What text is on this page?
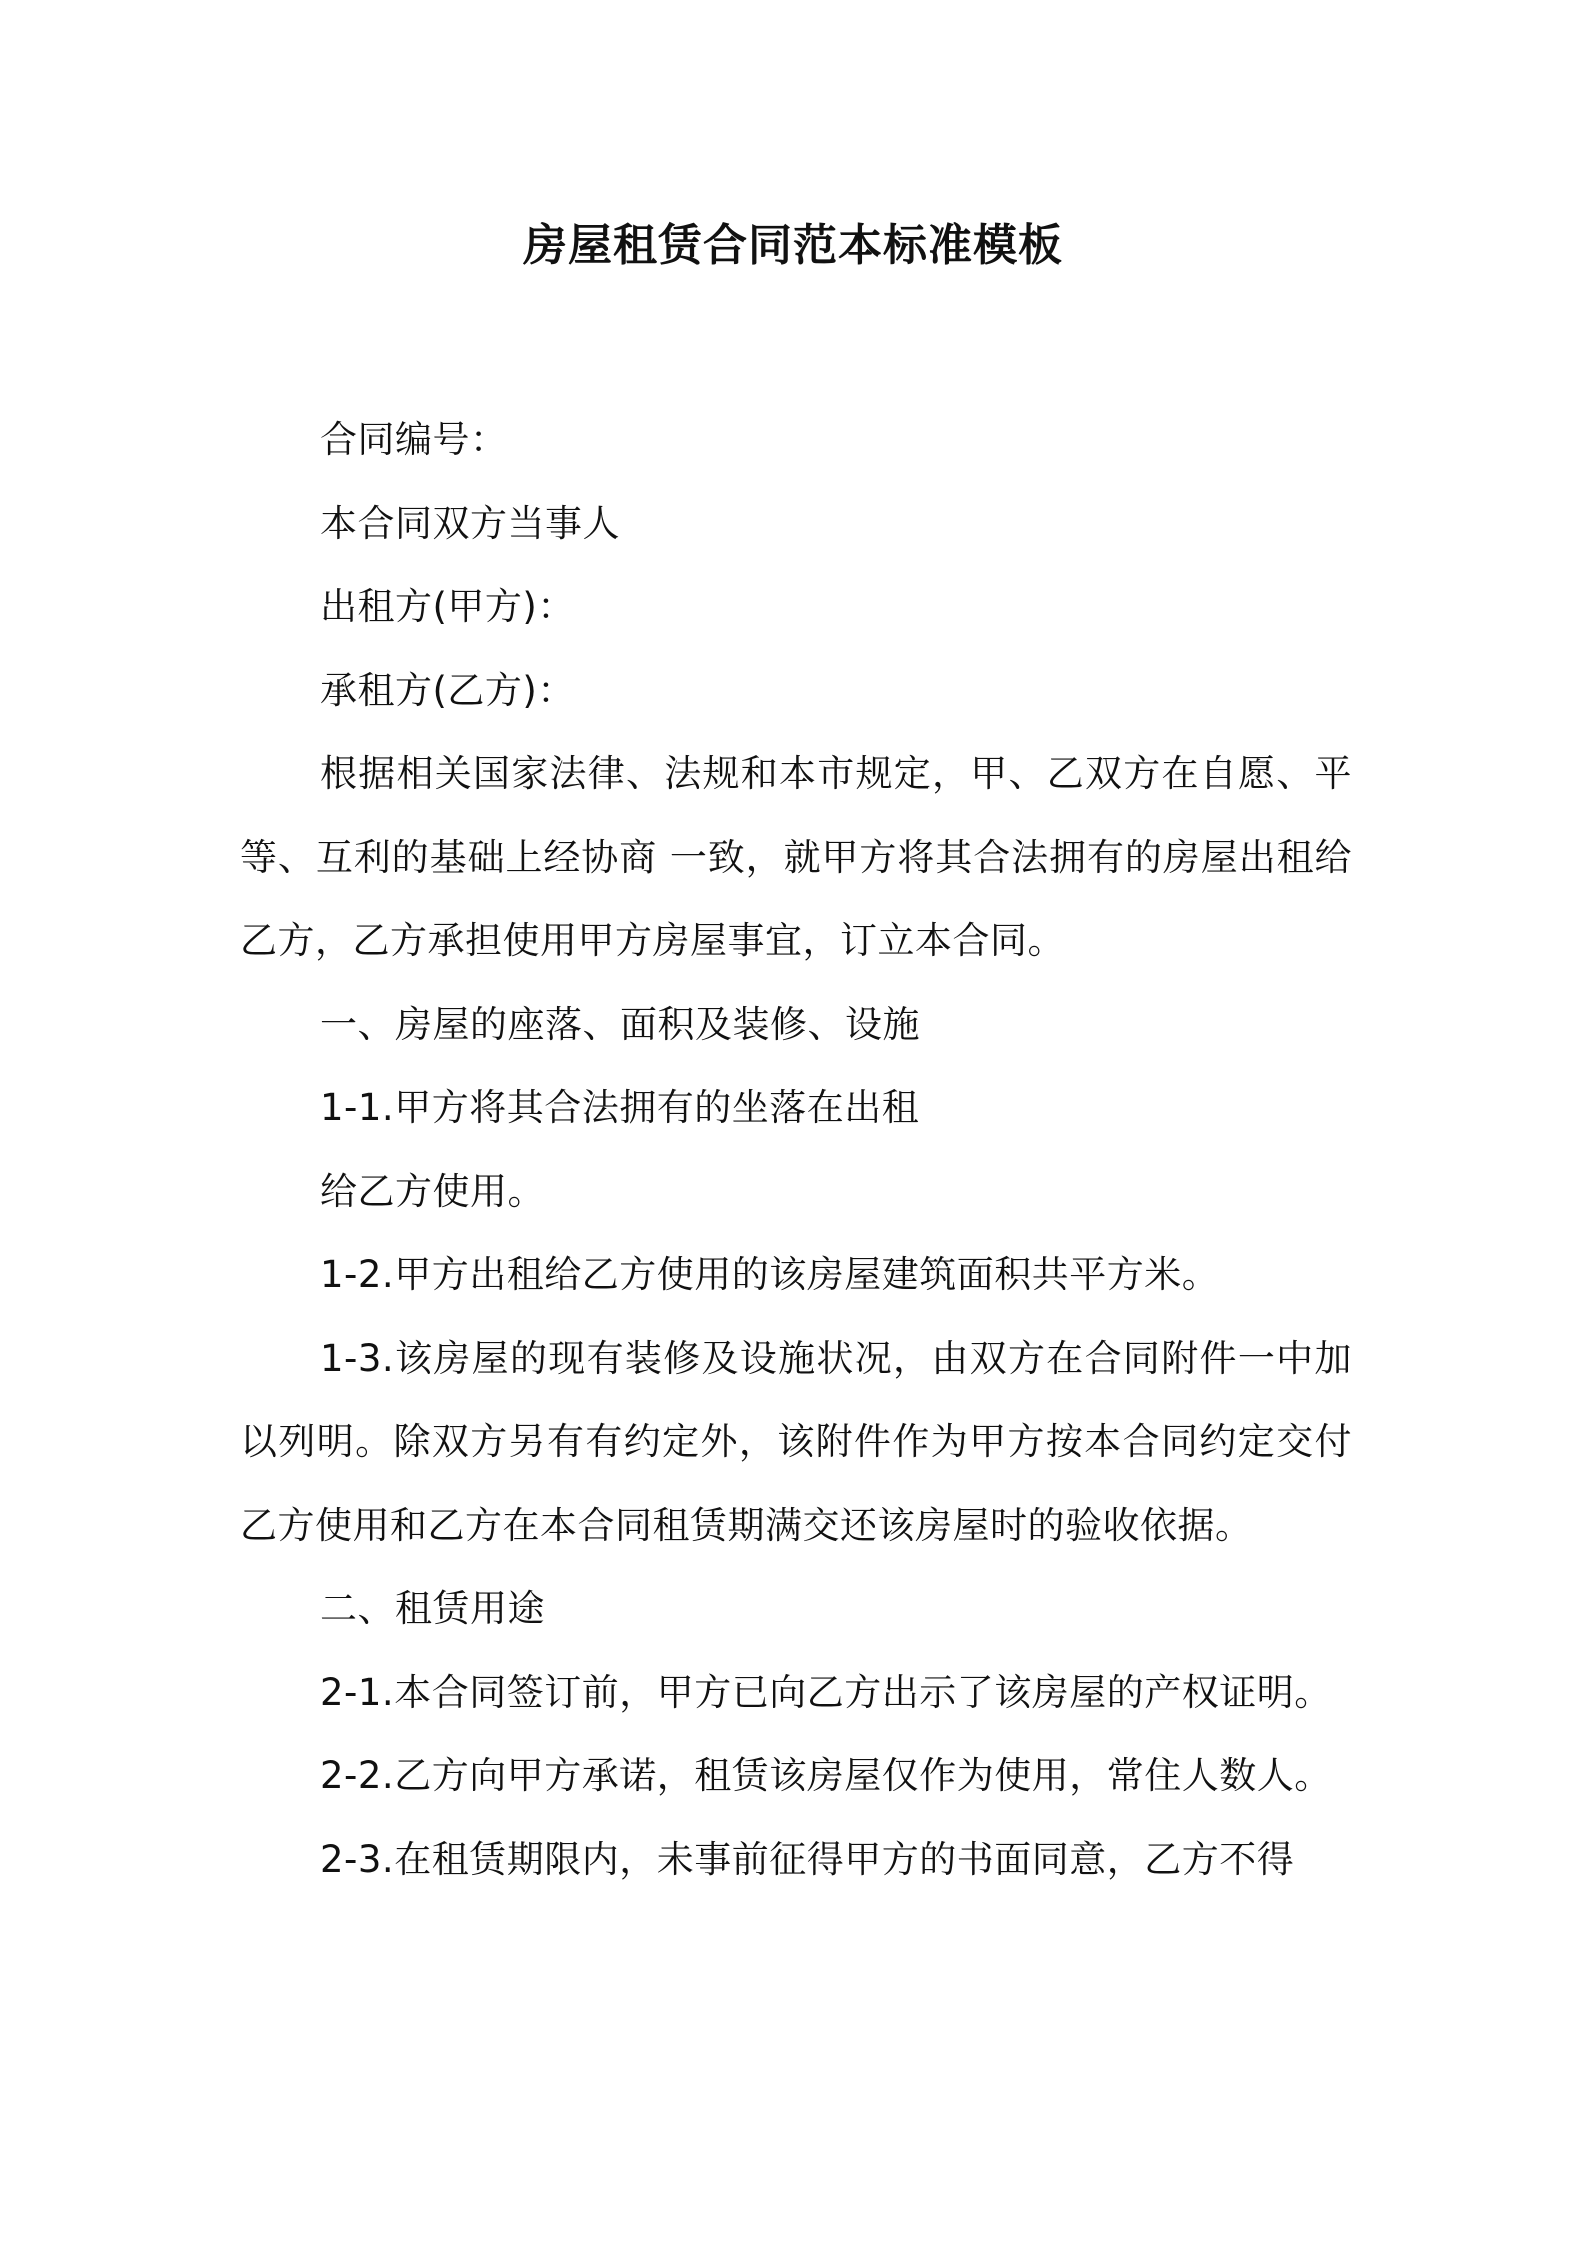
房屋租赁合同范本标准模板

合同编号：

本合同双方当事人

出租方(甲方)：

承租方(乙方)：

根据相关国家法律、法规和本市规定，甲、乙双方在自愿、平等、互利的基础上经协商 一致，就甲方将其合法拥有的房屋出租给乙方，乙方承担使用甲方房屋事宜，订立本合同。

一、房屋的座落、面积及装修、设施

1-1.甲方将其合法拥有的坐落在出租

给乙方使用。

1-2.甲方出租给乙方使用的该房屋建筑面积共平方米。

1-3.该房屋的现有装修及设施状况，由双方在合同附件一中加以列明。除双方另有有约定外，该附件作为甲方按本合同约定交付乙方使用和乙方在本合同租赁期满交还该房屋时的验收依据。

二、租赁用途

2-1.本合同签订前，甲方已向乙方出示了该房屋的产权证明。

2-2.乙方向甲方承诺，租赁该房屋仅作为使用，常住人数人。

2-3.在租赁期限内，未事前征得甲方的书面同意，乙方不得
